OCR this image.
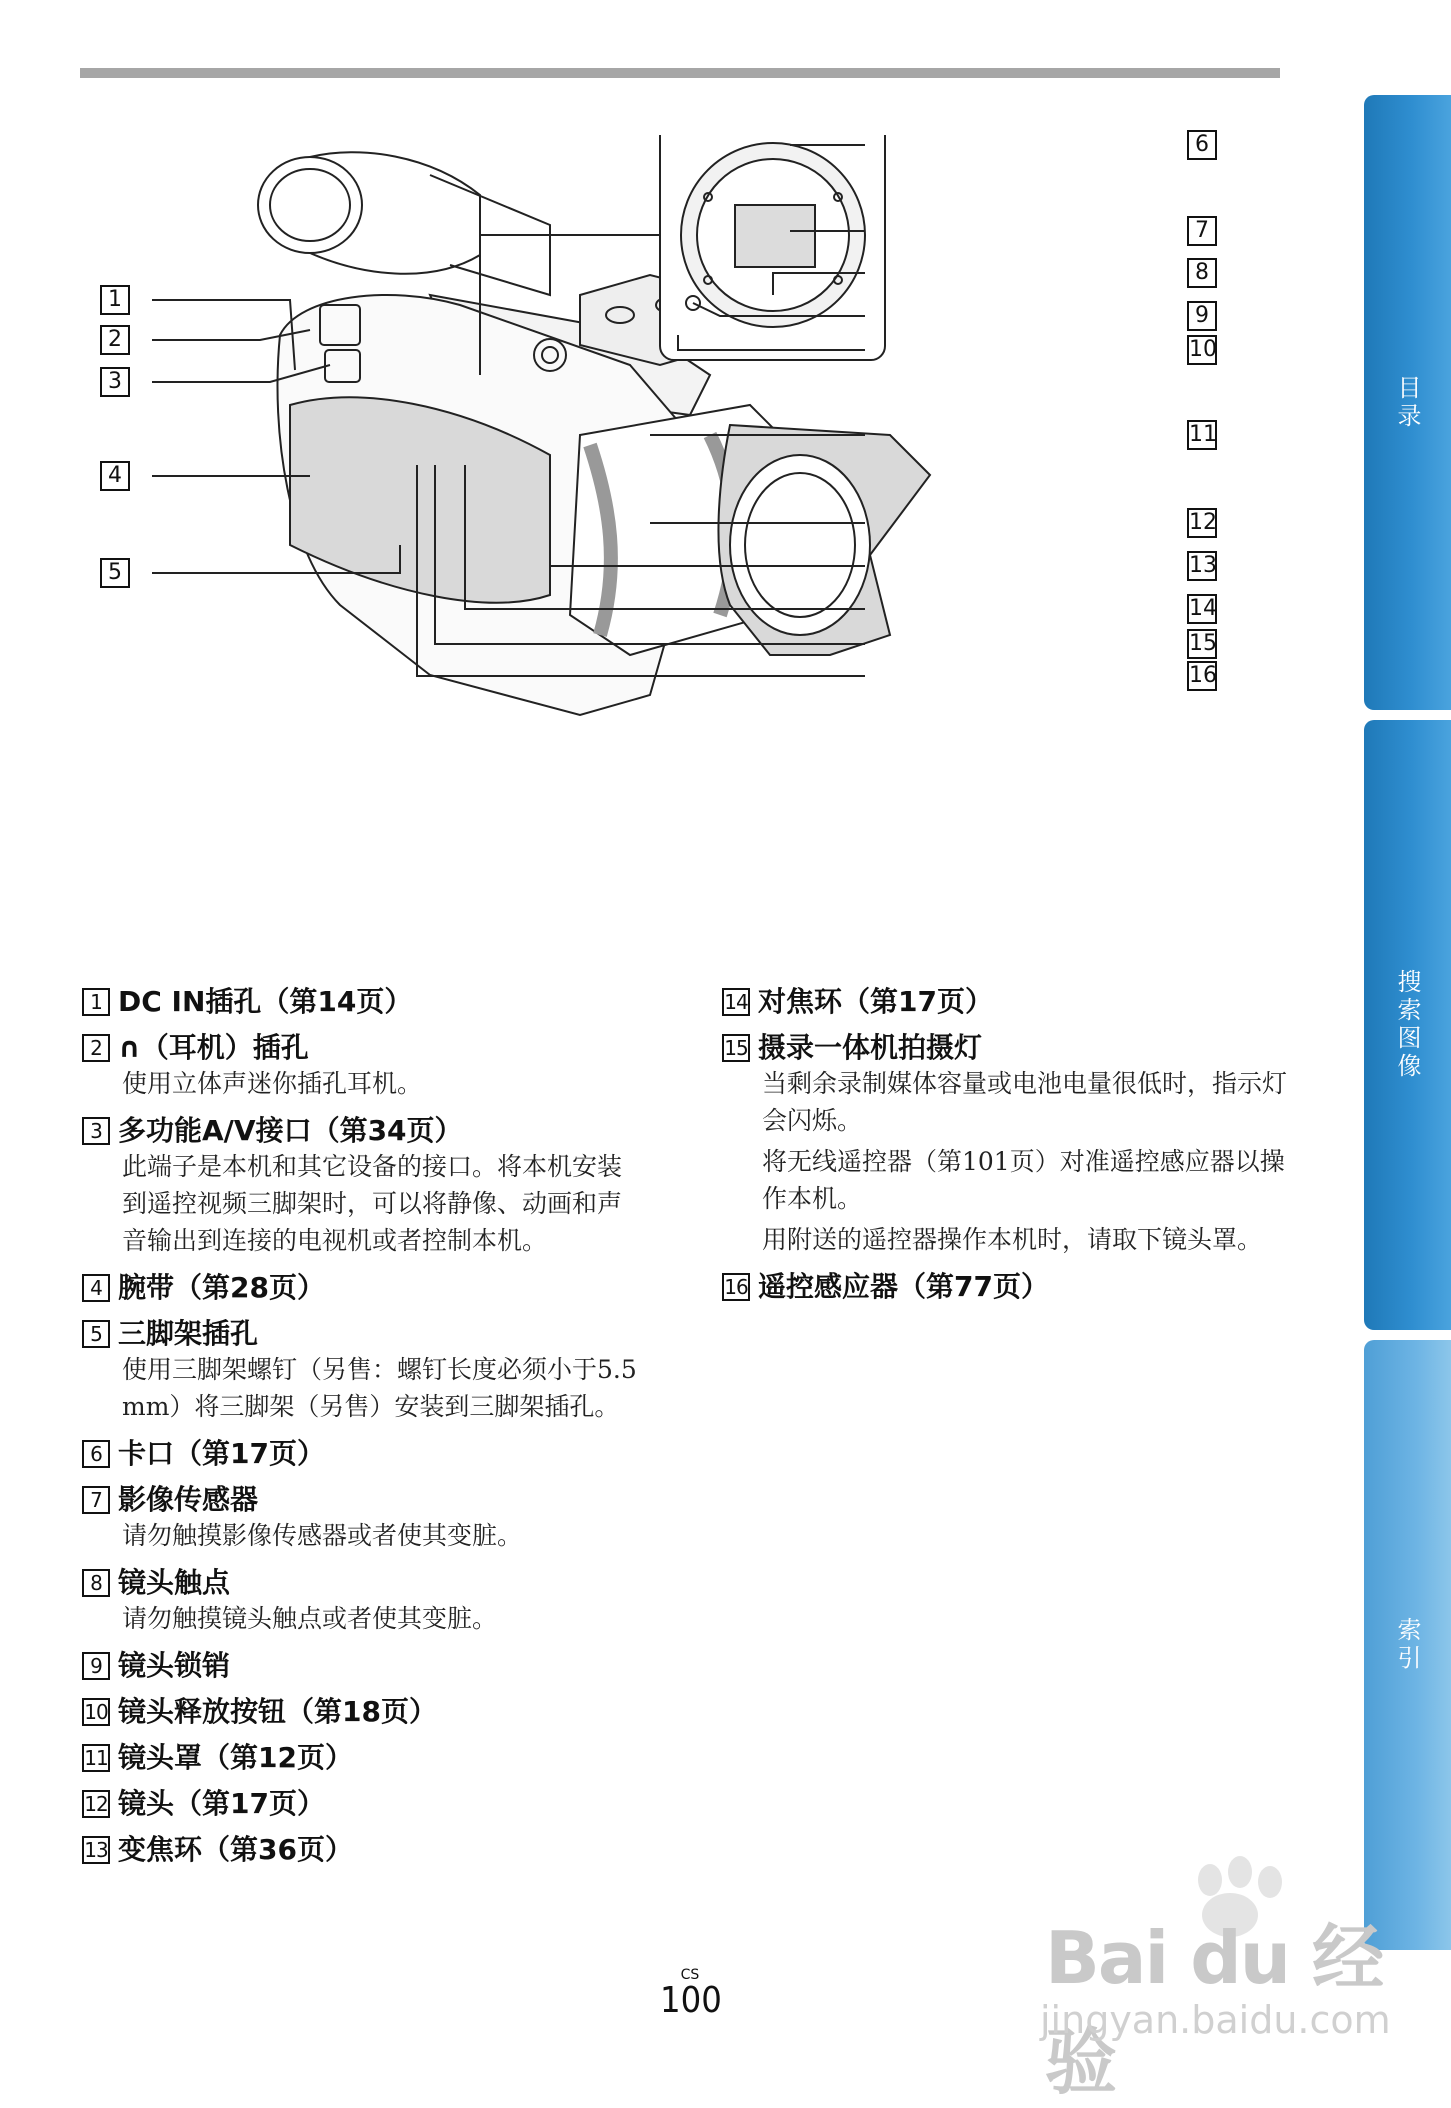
目录
搜索图像
索引
1
2
3
4
5
6
7
8
9
10
11
12
13
14
15
16
1 DC IN插孔（第14页）
2 ∩（耳机）插孔

使用立体声迷你插孔耳机。

3 多功能A/V接口（第34页）

此端子是本机和其它设备的接口。将本机安装到遥控视频三脚架时，可以将静像、动画和声音输出到连接的电视机或者控制本机。

4 腕带（第28页）
5 三脚架插孔

使用三脚架螺钉（另售：螺钉长度必须小于5.5 mm）将三脚架（另售）安装到三脚架插孔。

6 卡口（第17页）
7 影像传感器

请勿触摸影像传感器或者使其变脏。

8 镜头触点

请勿触摸镜头触点或者使其变脏。

9 镜头锁销
10 镜头释放按钮（第18页）
11 镜头罩（第12页）
12 镜头（第17页）
13 变焦环（第36页）
14 对焦环（第17页）
15 摄录一体机拍摄灯

当剩余录制媒体容量或电池电量很低时，指示灯会闪烁。

将无线遥控器（第101页）对准遥控感应器以操作本机。

用附送的遥控器操作本机时，请取下镜头罩。

16 遥控感应器（第77页）
CS
100
Bai du 经验
jingyan.baidu.com
